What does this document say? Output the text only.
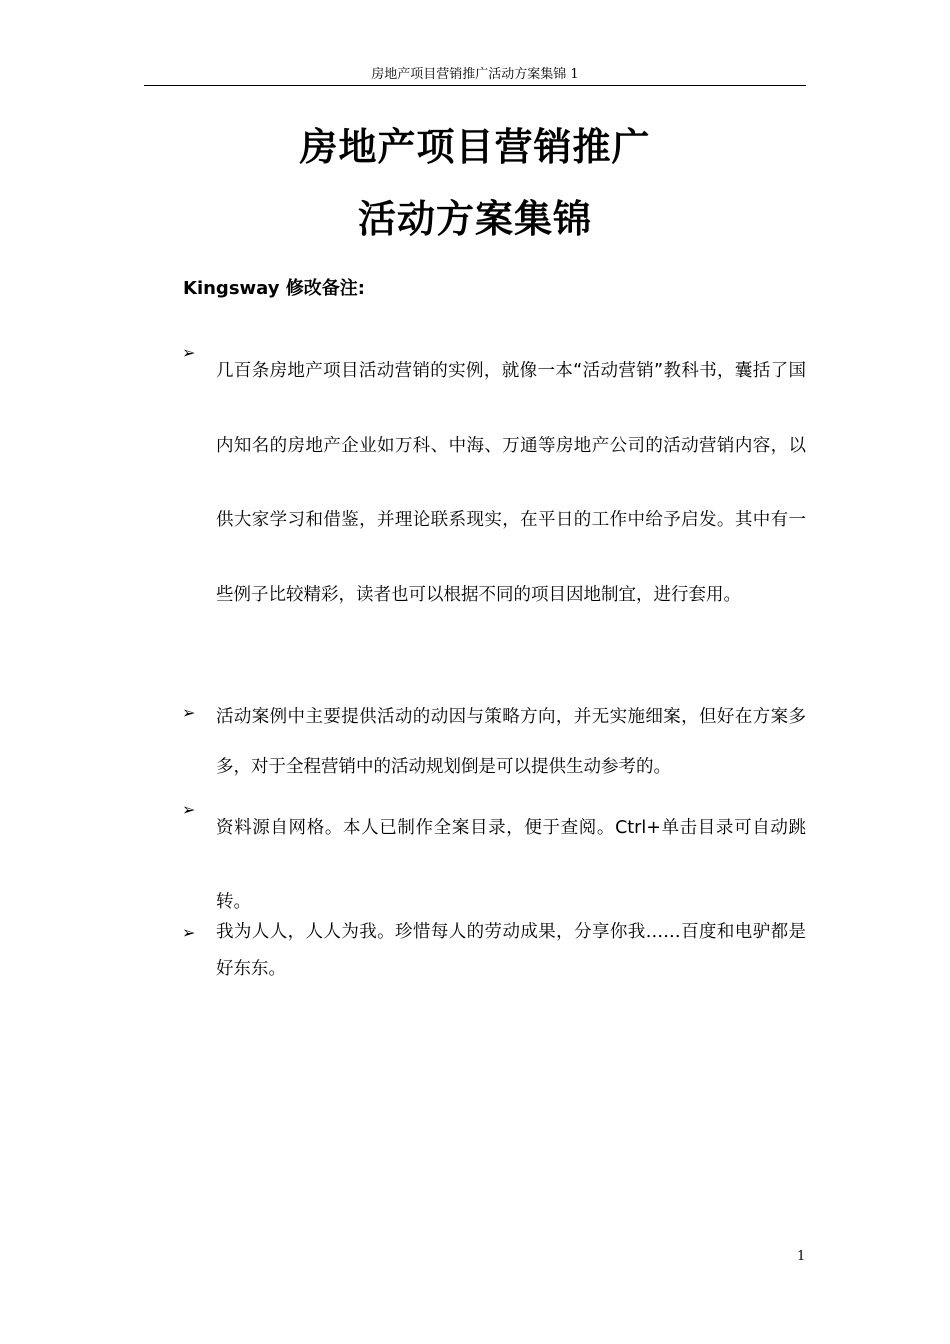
房地产项目营销推广活动方案集锦 1
房地产项目营销推广
活动方案集锦
Kingsway 修改备注:
➢

几百条房地产项目活动营销的实例，就像一本“活动营销”教科书，囊括了国内知名的房地产企业如万科、中海、万通等房地产公司的活动营销内容，以供大家学习和借鉴，并理论联系现实，在平日的工作中给予启发。其中有一些例子比较精彩，读者也可以根据不同的项目因地制宜，进行套用。

➢ 活动案例中主要提供活动的动因与策略方向，并无实施细案，但好在方案多多，对于全程营销中的活动规划倒是可以提供生动参考的。

➢

资料源自网格。本人已制作全案目录，便于查阅。Ctrl+单击目录可自动跳转。

➢ 我为人人，人人为我。珍惜每人的劳动成果，分享你我……百度和电驴都是好东东。

1
